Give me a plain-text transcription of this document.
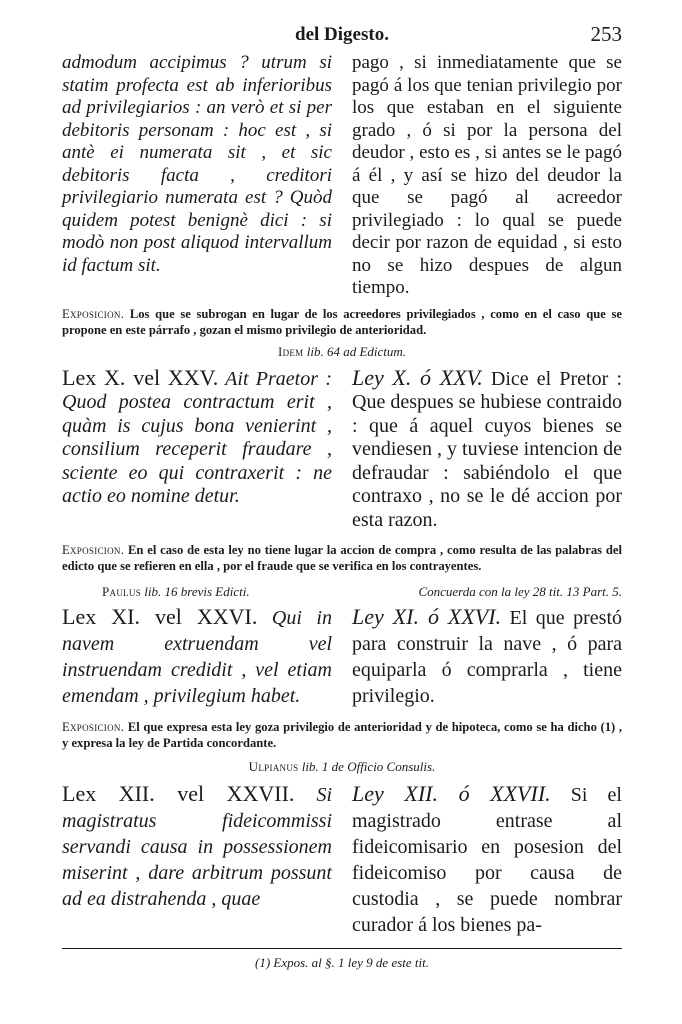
del Digesto.	253
admodum accipimus ? utrum si statim profecta est ab inferioribus ad privilegiarios : an verò et si per debitoris personam : hoc est , si antè ei numerata sit , et sic debitoris facta , creditori privilegiario numerata est ? Quòd quidem potest benignè dici : si modò non post aliquod intervallum id factum sit.
pago , si inmediatamente que se pagó á los que tenian privilegio por los que estaban en el siguiente grado , ó si por la persona del deudor , esto es , si antes se le pagó á él , y así se hizo del deudor la que se pagó al acreedor privilegiado : lo qual se puede decir por razon de equidad , si esto no se hizo despues de algun tiempo.
Exposicion. Los que se subrogan en lugar de los acreedores privilegiados , como en el caso que se propone en este párrafo , gozan el mismo privilegio de anterioridad.
Idem lib. 64 ad Edictum.
Lex X. vel XXV. Ait Praetor : Quod postea contractum erit , quàm is cujus bona venierint , consilium receperit fraudare , sciente eo qui contraxerit : ne actio eo nomine detur.
Ley X. ó XXV. Dice el Pretor : Que despues se hubiese contraido : que á aquel cuyos bienes se vendiesen , y tuviese intencion de defraudar : sabiéndolo el que contraxo , no se le dé accion por esta razon.
Exposicion. En el caso de esta ley no tiene lugar la accion de compra , como resulta de las palabras del edicto que se refieren en ella , por el fraude que se verifica en los contrayentes.
Paulus lib. 16 brevis Edicti.	Concuerda con la ley 28 tit. 13 Part. 5.
Lex XI. vel XXVI. Qui in navem extruendam vel instruendam credidit , vel etiam emendam , privilegium habet.
Ley XI. ó XXVI. El que prestó para construir la nave , ó para equiparla ó comprarla , tiene privilegio.
Exposicion. El que expresa esta ley goza privilegio de anterioridad y de hipoteca, como se ha dicho (1) , y expresa la ley de Partida concordante.
Ulpianus lib. 1 de Officio Consulis.
Lex XII. vel XXVII. Si magistratus fideicommissi servandi causa in possessionem miserint , dare arbitrum possunt ad ea distrahenda , quae
Ley XII. ó XXVII. Si el magistrado entrase al fideicomisario en posesion del fideicomiso por causa de custodia , se puede nombrar curador á los bienes pa-
(1) Expos. al §. 1 ley 9 de este tit.
